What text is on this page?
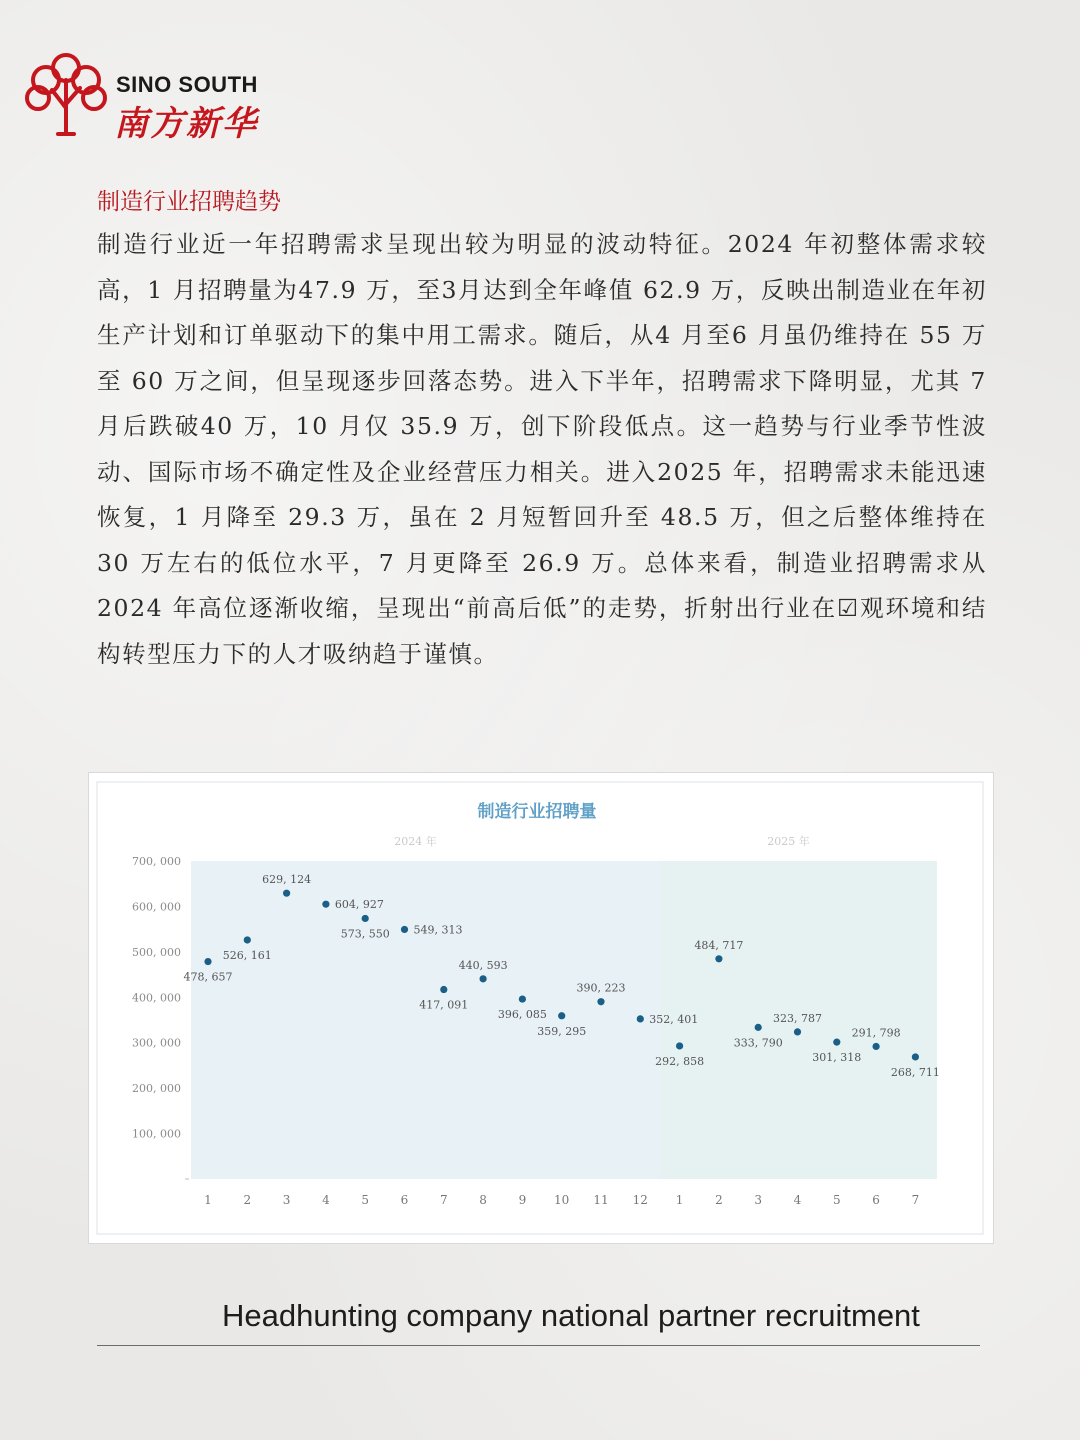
SINO SOUTH
南方新华
制造行业招聘趋势

制造行业近一年招聘需求呈现出较为明显的波动特征。2024 年初整体需求较高，1 月招聘量为47.9 万，至3月达到全年峰值 62.9 万，反映出制造业在年初生产计划和订单驱动下的集中用工需求。随后，从4 月至6 月虽仍维持在 55 万至 60 万之间，但呈现逐步回落态势。进入下半年，招聘需求下降明显，尤其 7 月后跌破40 万，10 月仅 35.9 万，创下阶段低点。这一趋势与行业季节性波动、国际市场不确定性及企业经营压力相关。进入2025 年，招聘需求未能迅速恢复，1 月降至 29.3 万，虽在 2 月短暂回升至 48.5 万，但之后整体维持在30 万左右的低位水平，7 月更降至 26.9 万。总体来看，制造业招聘需求从 2024 年高位逐渐收缩，呈现出“前高后低”的走势，折射出行业在☑观环境和结构转型压力下的人才吸纳趋于谨慎。

制造行业招聘量
2024 年	2025 年
100, 000
200, 000
300, 000
400, 000
500, 000
600, 000
700, 000
1	2	3	4	5	6	7	8	9 10 11 12 1	2	3	4	5	6	7
478, 657
526, 161
629, 124
604, 927
573, 550 549, 313
417, 091
440, 593
396, 085
359, 295
390, 223
352, 401
292, 858
484, 717
333, 790
323, 787
301, 318
291, 798
268, 711
Headhunting company national partner recruitment
